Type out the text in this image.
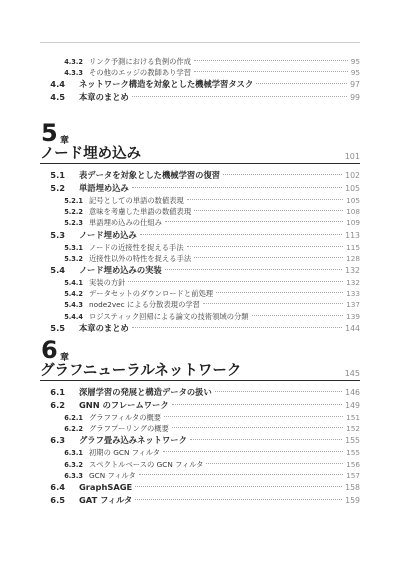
4.3.2 リンク予測における負例の作成	95
4.3.3 その他のエッジの教師あり学習	95
4.4 ネットワーク構造を対象とした機械学習タスク	97
4.5 本章のまとめ	99
5 章
ノード埋め込み	101
5.1 表データを対象とした機械学習の復習	102
5.2 単語埋め込み	105
5.2.1 記号としての単語の数値表現	105
5.2.2 意味を考慮した単語の数値表現	108
5.2.3 単語埋め込みの仕組み	109
5.3 ノード埋め込み	113
5.3.1 ノードの近接性を捉える手法	115
5.3.2 近接性以外の特性を捉える手法	128
5.4 ノード埋め込みの実装	132
5.4.1 実装の方針	132
5.4.2 データセットのダウンロードと前処理	133
5.4.3 node2vec による分散表現の学習	137
5.4.4 ロジスティック回帰による論文の技術領域の分類	139
5.5 本章のまとめ	144
6 章
グラフニューラルネットワーク	145
6.1 深層学習の発展と構造データの扱い	146
6.2 GNN のフレームワーク	149
6.2.1 グラフフィルタの概要	151
6.2.2 グラフプーリングの概要	152
6.3 グラフ畳み込みネットワーク	155
6.3.1 初期の GCN フィルタ	155
6.3.2 スペクトルベースの GCN フィルタ	156
6.3.3 GCN フィルタ	157
6.4 GraphSAGE	158
6.5 GAT フィルタ	159
